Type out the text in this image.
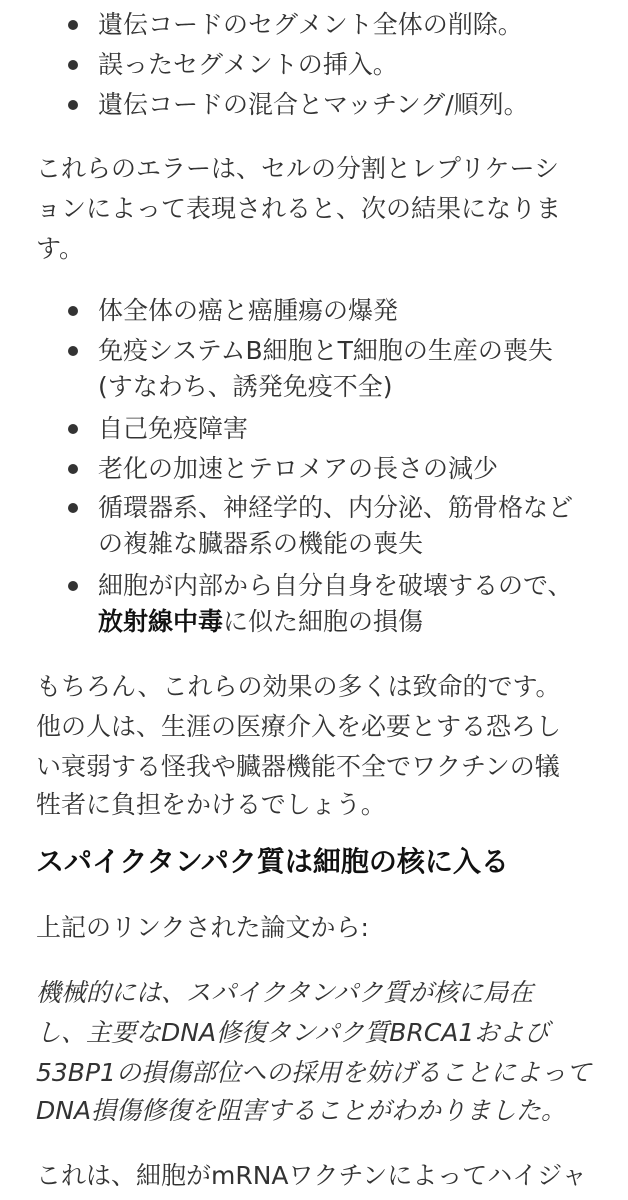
遺伝コードのセグメント全体の削除。
誤ったセグメントの挿入。
遺伝コードの混合とマッチング/順列。
これらのエラーは、セルの分割とレプリケーシ
ョンによって表現されると、次の結果になりま
す。
体全体の癌と癌腫瘍の爆発
免疫システムB細胞とT細胞の生産の喪失
(すなわち、誘発免疫不全)
自己免疫障害
老化の加速とテロメアの長さの減少
循環器系、神経学的、内分泌、筋骨格など
の複雑な臓器系の機能の喪失
細胞が内部から自分自身を破壊するので、
放射線中毒に似た細胞の損傷
もちろん、これらの効果の多くは致命的です。
他の人は、生涯の医療介入を必要とする恐ろし
い衰弱する怪我や臓器機能不全でワクチンの犠
牲者に負担をかけるでしょう。
スパイクタンパク質は細胞の核に入る
上記のリンクされた論文から:
機械的には、スパイクタンパク質が核に局在
し、主要なDNA修復タンパク質BRCA1および
53BP1の損傷部位への採用を妨げることによって
DNA損傷修復を阻害することがわかりました。
これは、細胞がmRNAワクチンによってハイジャ
